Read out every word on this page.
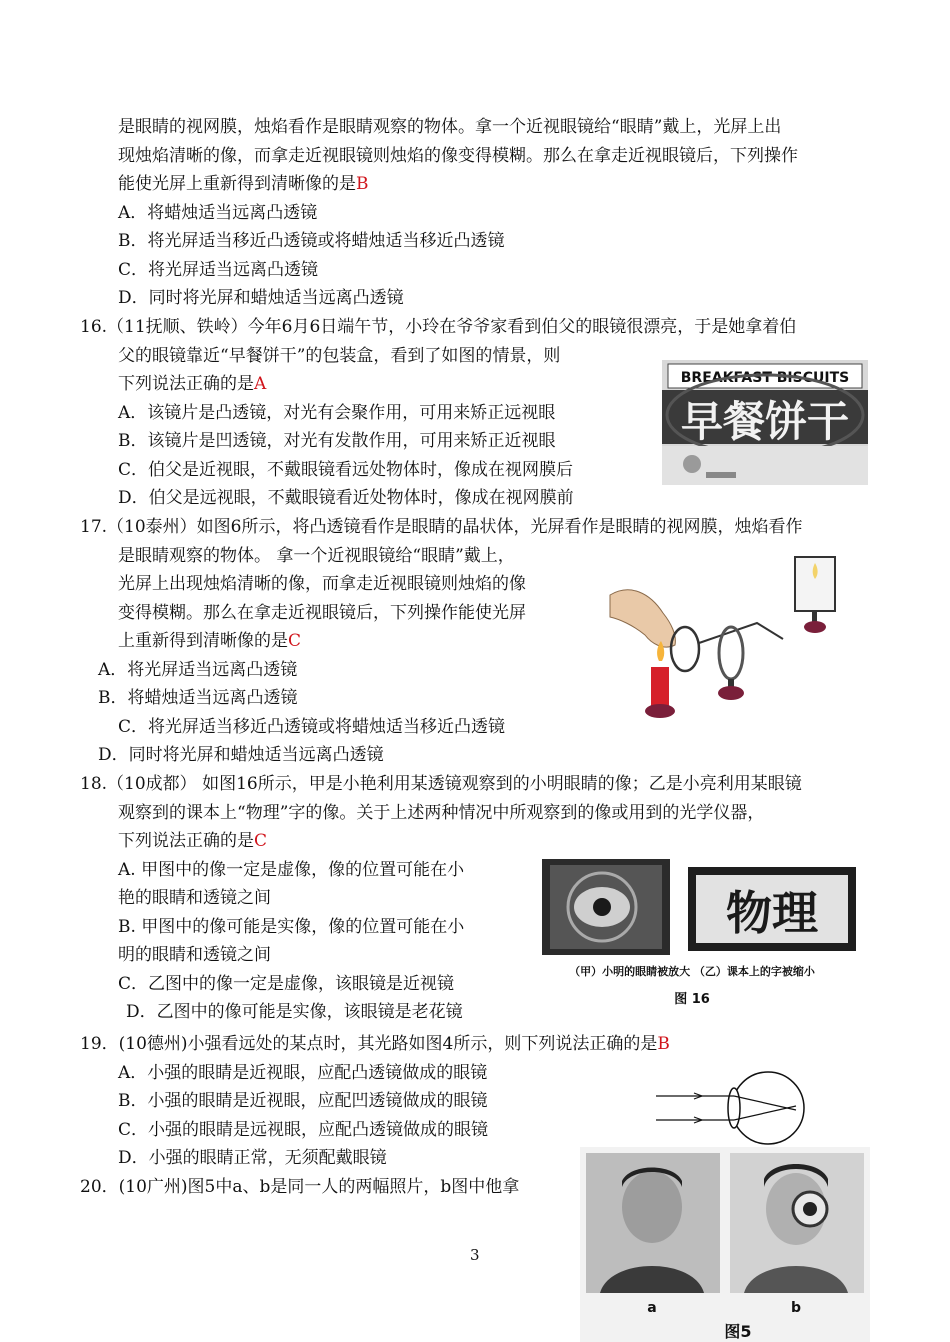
是眼睛的视网膜，烛焰看作是眼睛观察的物体。拿一个近视眼镜给“眼睛”戴上，光屏上出
现烛焰清晰的像，而拿走近视眼镜则烛焰的像变得模糊。那么在拿走近视眼镜后，下列操作
能使光屏上重新得到清晰像的是B
A．将蜡烛适当远离凸透镜
B．将光屏适当移近凸透镜或将蜡烛适当移近凸透镜
C．将光屏适当远离凸透镜
D．同时将光屏和蜡烛适当远离凸透镜
16.（11抚顺、铁岭）今年6月6日端午节，小玲在爷爷家看到伯父的眼镜很漂亮，于是她拿着伯
父的眼镜靠近“早餐饼干”的包装盒，看到了如图的情景，则
下列说法正确的是A
A．该镜片是凸透镜，对光有会聚作用，可用来矫正远视眼
B．该镜片是凹透镜，对光有发散作用，可用来矫正近视眼
C．伯父是近视眼，不戴眼镜看远处物体时，像成在视网膜后
D．伯父是远视眼，不戴眼镜看近处物体时，像成在视网膜前
BREAKFAST BISCUITS
早餐饼干
17.（10泰州）如图6所示，将凸透镜看作是眼睛的晶状体，光屏看作是眼睛的视网膜，烛焰看作
是眼睛观察的物体。 拿一个近视眼镜给“眼睛”戴上，
光屏上出现烛焰清晰的像，而拿走近视眼镜则烛焰的像
变得模糊。那么在拿走近视眼镜后，下列操作能使光屏
上重新得到清晰像的是C
A．将光屏适当远离凸透镜
B．将蜡烛适当远离凸透镜
C．将光屏适当移近凸透镜或将蜡烛适当移近凸透镜
D．同时将光屏和蜡烛适当远离凸透镜
18.（10成都） 如图16所示，甲是小艳利用某透镜观察到的小明眼睛的像；乙是小亮利用某眼镜
观察到的课本上“物理”字的像。关于上述两种情况中所观察到的像或用到的光学仪器，
下列说法正确的是C
A. 甲图中的像一定是虚像，像的位置可能在小
艳的眼睛和透镜之间
B. 甲图中的像可能是实像，像的位置可能在小
明的眼睛和透镜之间
C．乙图中的像一定是虚像，该眼镜是近视镜
D．乙图中的像可能是实像，该眼镜是老花镜
物理
（甲）小明的眼睛被放大 （乙）课本上的字被缩小
图 16
19．(10德州)小强看远处的某点时，其光路如图4所示，则下列说法正确的是B
A．小强的眼睛是近视眼，应配凸透镜做成的眼镜
B．小强的眼睛是近视眼，应配凹透镜做成的眼镜
C．小强的眼睛是远视眼，应配凸透镜做成的眼镜
D．小强的眼睛正常，无须配戴眼镜
20．(10广州)图5中a、b是同一人的两幅照片，b图中他拿
a	b
图5
3
